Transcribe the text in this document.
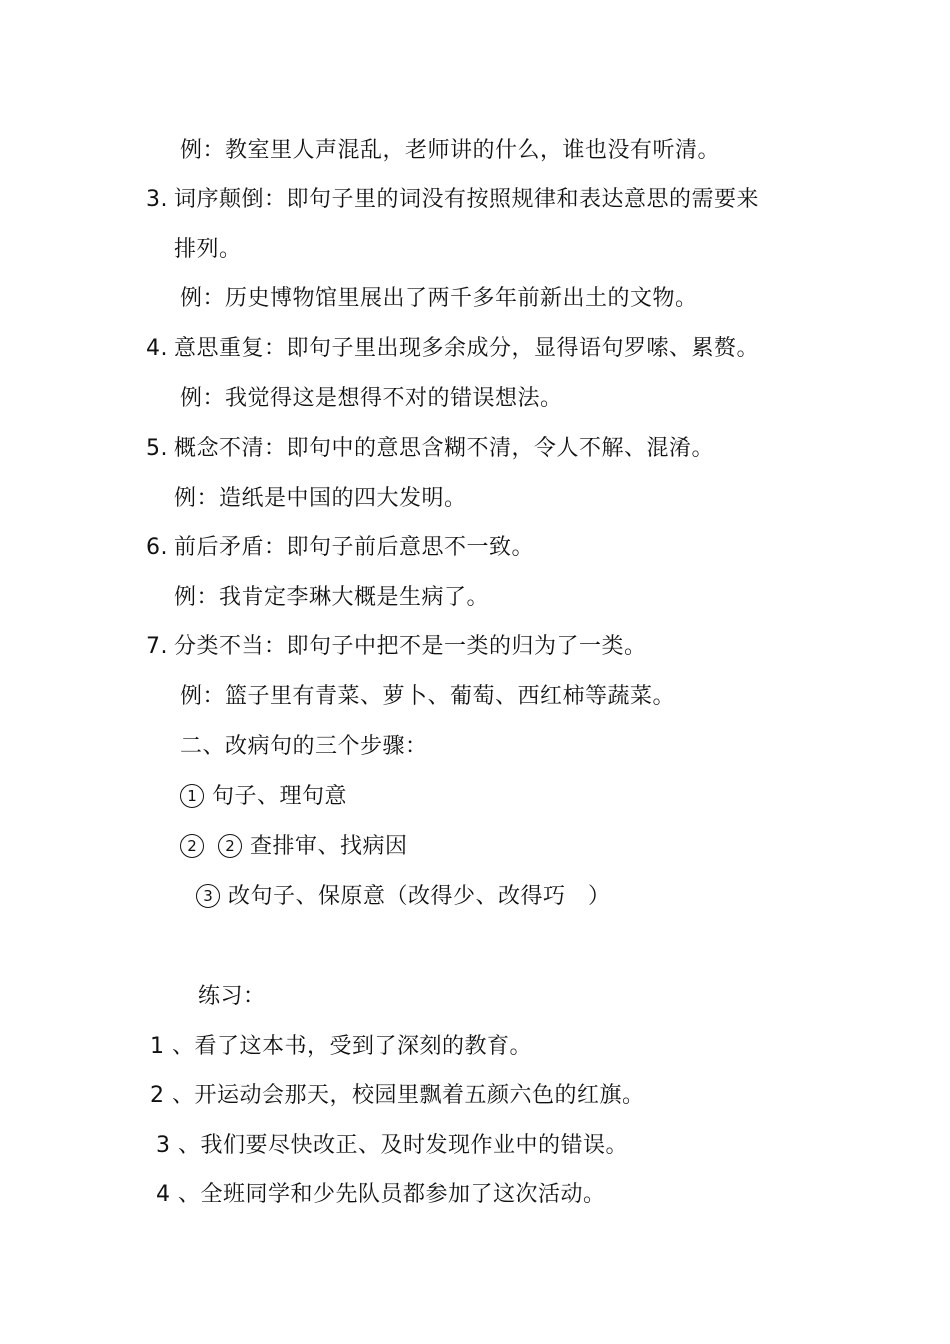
例：教室里人声混乱，老师讲的什么，谁也没有听清。
3. 词序颠倒：即句子里的词没有按照规律和表达意思的需要来
排列。
例：历史博物馆里展出了两千多年前新出土的文物。
4. 意思重复：即句子里出现多余成分，显得语句罗嗦、累赘。
例：我觉得这是想得不对的错误想法。
5. 概念不清：即句中的意思含糊不清，令人不解、混淆。
例：造纸是中国的四大发明。
6. 前后矛盾：即句子前后意思不一致。
例：我肯定李琳大概是生病了。
7. 分类不当：即句子中把不是一类的归为了一类。
例：篮子里有青菜、萝卜、葡萄、西红柿等蔬菜。
二、改病句的三个步骤：
1 句子、理句意
2 2 查排审、找病因
3 改句子、保原意（改得少、改得巧　）
练习：
1 、看了这本书，受到了深刻的教育。
2 、开运动会那天，校园里飘着五颜六色的红旗。
3 、我们要尽快改正、及时发现作业中的错误。
4 、全班同学和少先队员都参加了这次活动。
